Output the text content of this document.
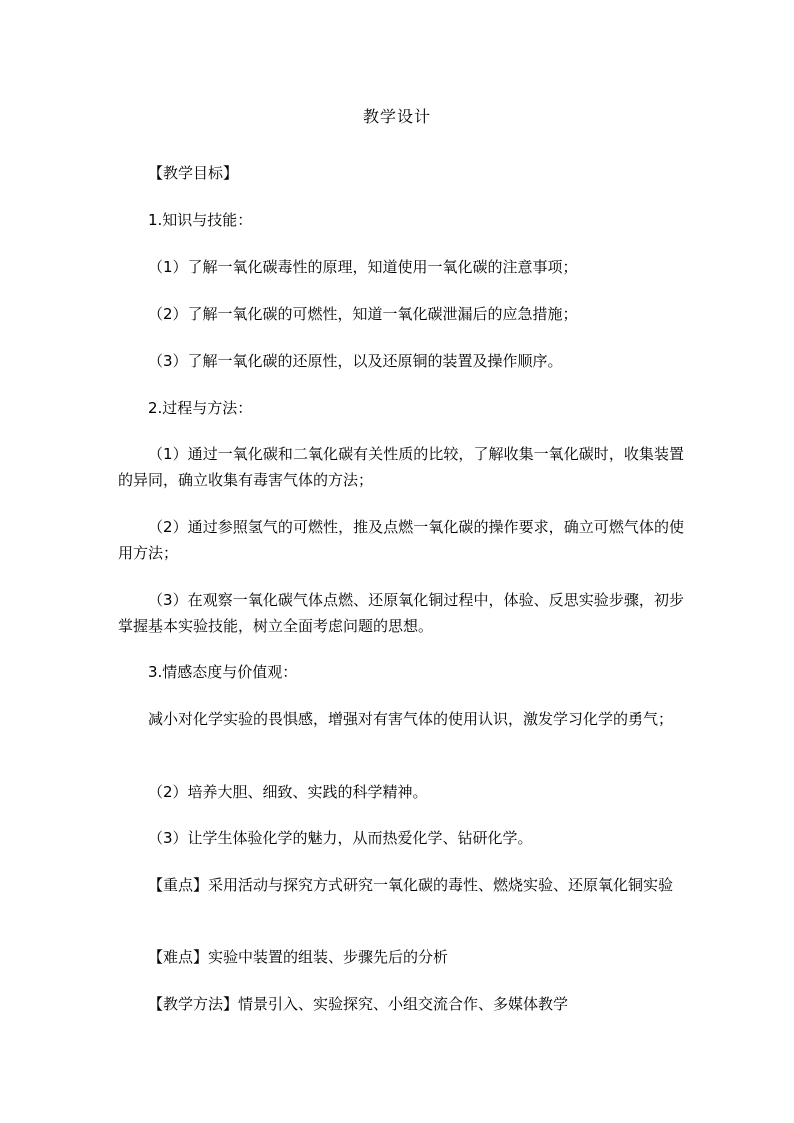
教学设计
【教学目标】
1.知识与技能：
（1）了解一氧化碳毒性的原理，知道使用一氧化碳的注意事项；
（2）了解一氧化碳的可燃性，知道一氧化碳泄漏后的应急措施；
（3）了解一氧化碳的还原性，以及还原铜的装置及操作顺序。
2.过程与方法：
（1）通过一氧化碳和二氧化碳有关性质的比较，了解收集一氧化碳时，收集装置的异同，确立收集有毒害气体的方法；
（2）通过参照氢气的可燃性，推及点燃一氧化碳的操作要求，确立可燃气体的使用方法；
（3）在观察一氧化碳气体点燃、还原氧化铜过程中，体验、反思实验步骤，初步掌握基本实验技能，树立全面考虑问题的思想。
3.情感态度与价值观：
减小对化学实验的畏惧感，增强对有害气体的使用认识，激发学习化学的勇气；
（2）培养大胆、细致、实践的科学精神。
（3）让学生体验化学的魅力，从而热爱化学、钻研化学。
【重点】采用活动与探究方式研究一氧化碳的毒性、燃烧实验、还原氧化铜实验
【难点】实验中装置的组装、步骤先后的分析
【教学方法】情景引入、实验探究、小组交流合作、多媒体教学
